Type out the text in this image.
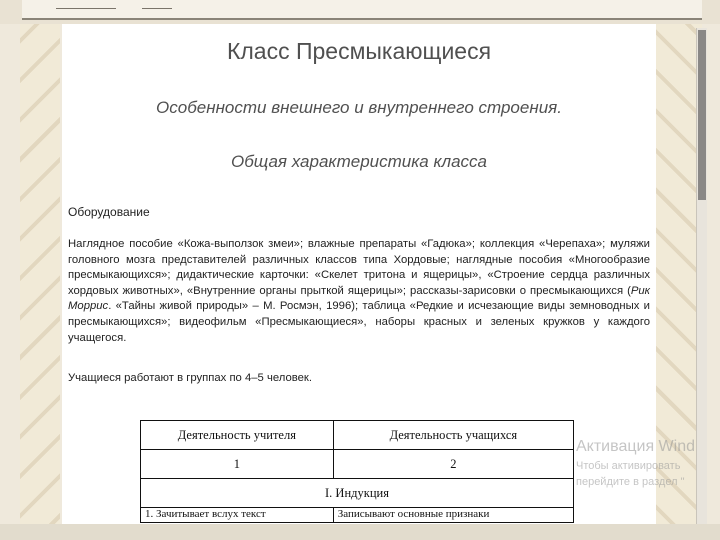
Класс Пресмыкающиеся
Особенности внешнего и внутреннего строения.
Общая характеристика класса
Оборудование
Наглядное пособие «Кожа-выползок змеи»; влажные препараты «Гадюка»; коллекция «Черепаха»; муляжи головного мозга представителей различных классов типа Хордовые; наглядные пособия «Многообразие пресмыкающихся»; дидактические карточки: «Скелет тритона и ящерицы», «Строение сердца различных хордовых животных», «Внутренние органы прыткой ящерицы»; рассказы-зарисовки о пресмыкающихся (Рик Моррис. «Тайны живой природы» – М. Росмэн, 1996); таблица «Редкие и исчезающие виды земноводных и пресмыкающихся»; видеофильм «Пресмыкающиеся», наборы красных и зеленых кружков у каждого учащегося.
Учащиеся работают в группах по 4–5 человек.
Деятельность учителя	Деятельность учащихся
1	2
I. Индукция	
1. Зачитывает вслух текст	Записывают основные признаки
Активация Wind
Чтобы активировать
перейдите в раздел "
